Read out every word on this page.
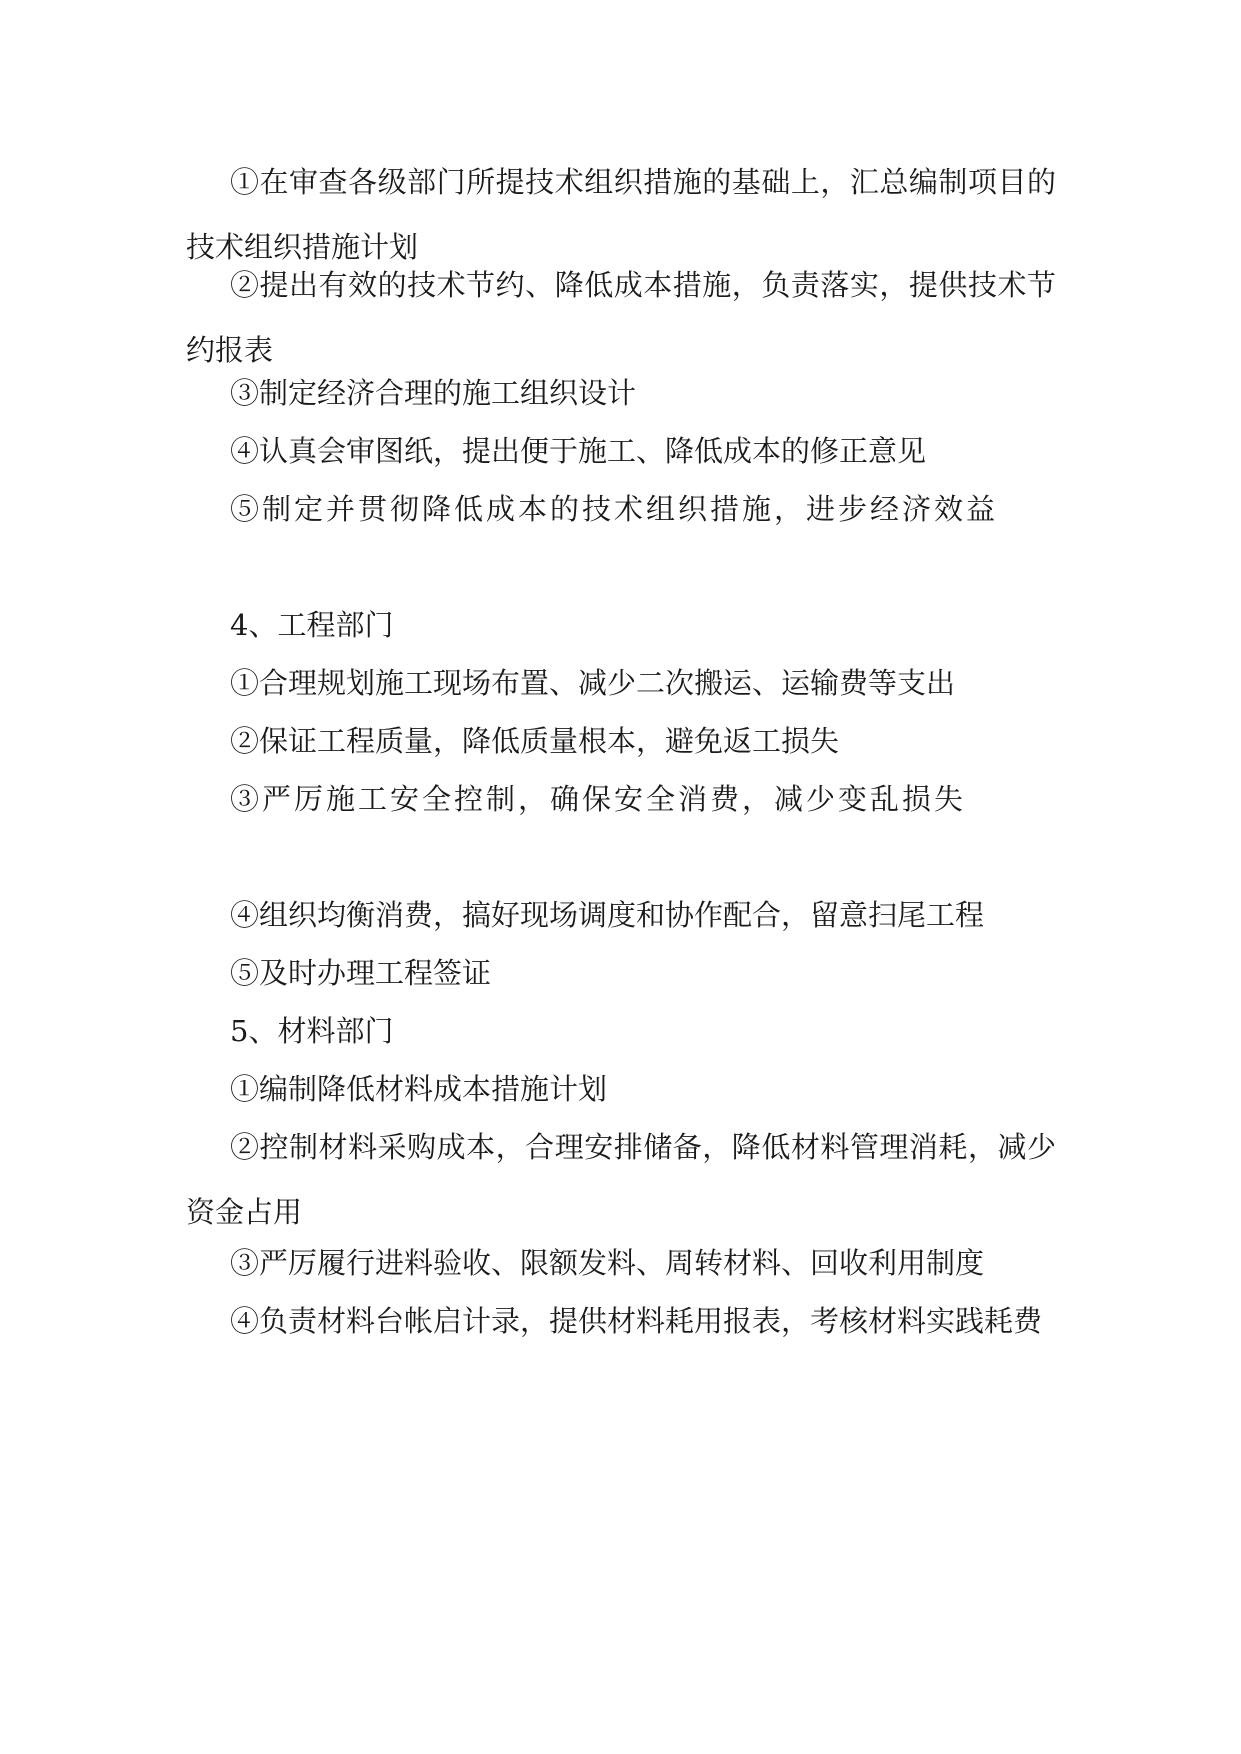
①在审查各级部门所提技术组织措施的基础上，汇总编制项目的技术组织措施计划

②提出有效的技术节约、降低成本措施，负责落实，提供技术节约报表

③制定经济合理的施工组织设计

④认真会审图纸，提出便于施工、降低成本的修正意见

⑤制定并贯彻降低成本的技术组织措施，进步经济效益

4、工程部门

①合理规划施工现场布置、减少二次搬运、运输费等支出

②保证工程质量，降低质量根本，避免返工损失

③严厉施工安全控制，确保安全消费，减少变乱损失

④组织均衡消费，搞好现场调度和协作配合，留意扫尾工程

⑤及时办理工程签证

5、材料部门

①编制降低材料成本措施计划

②控制材料采购成本，合理安排储备，降低材料管理消耗，减少资金占用

③严厉履行进料验收、限额发料、周转材料、回收利用制度

④负责材料台帐启计录，提供材料耗用报表，考核材料实践耗费
